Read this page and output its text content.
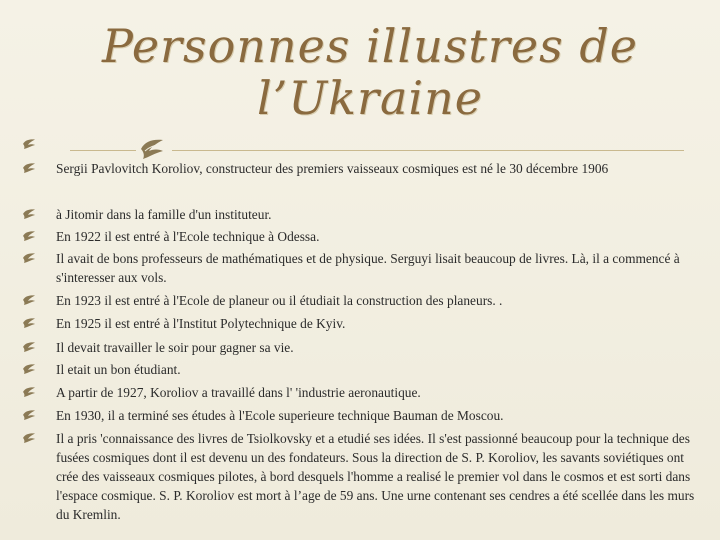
Personnes illustres de
l’Ukraine
Sergii Pavlovitch Koroliov, constructeur des premiers vaisseaux cosmiques est né le 30 décembre 1906
à Jitomir dans la famille d'un instituteur.
En 1922 il est entré à l'Ecole technique à Odessa.
Il avait de bons professeurs de mathématiques et de physique. Serguyi lisait beaucoup de livres. Là, il a commencé à s'interesser aux vols.
En 1923 il est entré à l'Ecole de planeur ou il étudiait la construction des planeurs. .
En 1925 il est entré à l'Institut Polytechnique de Kyiv.
Il devait travailler le soir pour gagner sa vie.
Il etait un bon étudiant.
A partir de 1927, Koroliov a travaillé dans l' 'industrie aeronautique.
En 1930, il a terminé ses études à l'Ecole superieure technique Bauman de Moscou.
Il a pris 'connaissance des livres de Tsiolkovsky et a etudié ses idées. Il s'est passionné beaucoup pour la technique des fusées cosmiques dont il est devenu un des fondateurs. Sous la direction de S. P. Koroliov, les savants soviétiques ont crée des vaisseaux cosmiques pilotes, à bord desquels l'homme a realisé le premier vol dans le cosmos et est sorti dans l'espace cosmique. S. P. Koroliov est mort à l’age de 59 ans. Une urne contenant ses cendres a été scellée dans les murs du Kremlin.
